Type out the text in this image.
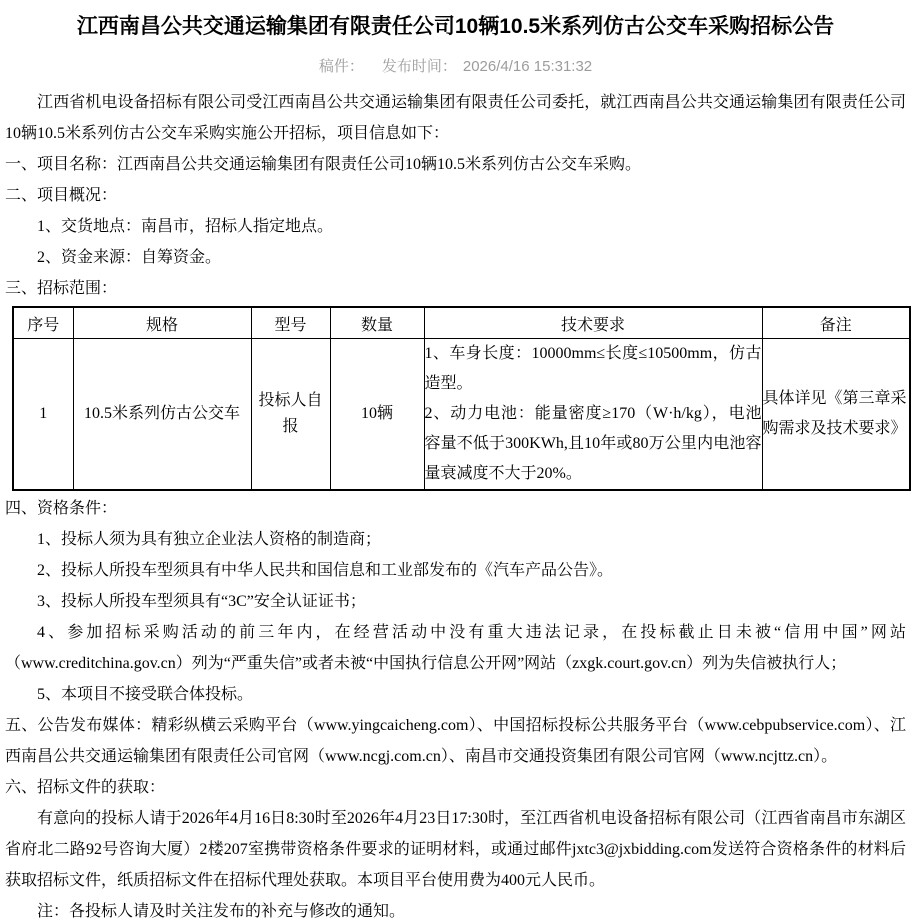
江西南昌公共交通运输集团有限责任公司10辆10.5米系列仿古公交车采购招标公告
稿件： 发布时间： 2026/4/16 15:31:32

江西省机电设备招标有限公司受江西南昌公共交通运输集团有限责任公司委托，就江西南昌公共交通运输集团有限责任公司10辆10.5米系列仿古公交车采购实施公开招标，项目信息如下：

一、项目名称：江西南昌公共交通运输集团有限责任公司10辆10.5米系列仿古公交车采购。

二、项目概况：

1、交货地点：南昌市，招标人指定地点。

2、资金来源：自筹资金。

三、招标范围：

序号	规格	型号	数量	技术要求	备注
1	10.5米系列仿古公交车	投标人自报	10辆	1、车身长度：10000mm≤长度≤10500mm，仿古造型。

2、动力电池：能量密度≥170（W·h/kg），电池容量不低于300KWh,且10年或80万公里内电池容量衰减度不大于20%。	具体详见《第三章采购需求及技术要求》

四、资格条件：

1、投标人须为具有独立企业法人资格的制造商；

2、投标人所投车型须具有中华人民共和国信息和工业部发布的《汽车产品公告》。

3、投标人所投车型须具有“3C”安全认证证书；

4、参加招标采购活动的前三年内，在经营活动中没有重大违法记录，在投标截止日未被“信用中国”网站（www.creditchina.gov.cn）列为“严重失信”或者未被“中国执行信息公开网”网站（zxgk.court.gov.cn）列为失信被执行人；

5、本项目不接受联合体投标。

五、公告发布媒体：精彩纵横云采购平台（www.yingcaicheng.com）、中国招标投标公共服务平台（www.cebpubservice.com）、江西南昌公共交通运输集团有限责任公司官网（www.ncgj.com.cn）、南昌市交通投资集团有限公司官网（www.ncjttz.cn）。

六、招标文件的获取：

有意向的投标人请于2026年4月16日8:30时至2026年4月23日17:30时，至江西省机电设备招标有限公司（江西省南昌市东湖区省府北二路92号咨询大厦）2楼207室携带资格条件要求的证明材料，或通过邮件jxtc3@jxbidding.com发送符合资格条件的材料后获取招标文件，纸质招标文件在招标代理处获取。本项目平台使用费为400元人民币。

注：各投标人请及时关注发布的补充与修改的通知。
